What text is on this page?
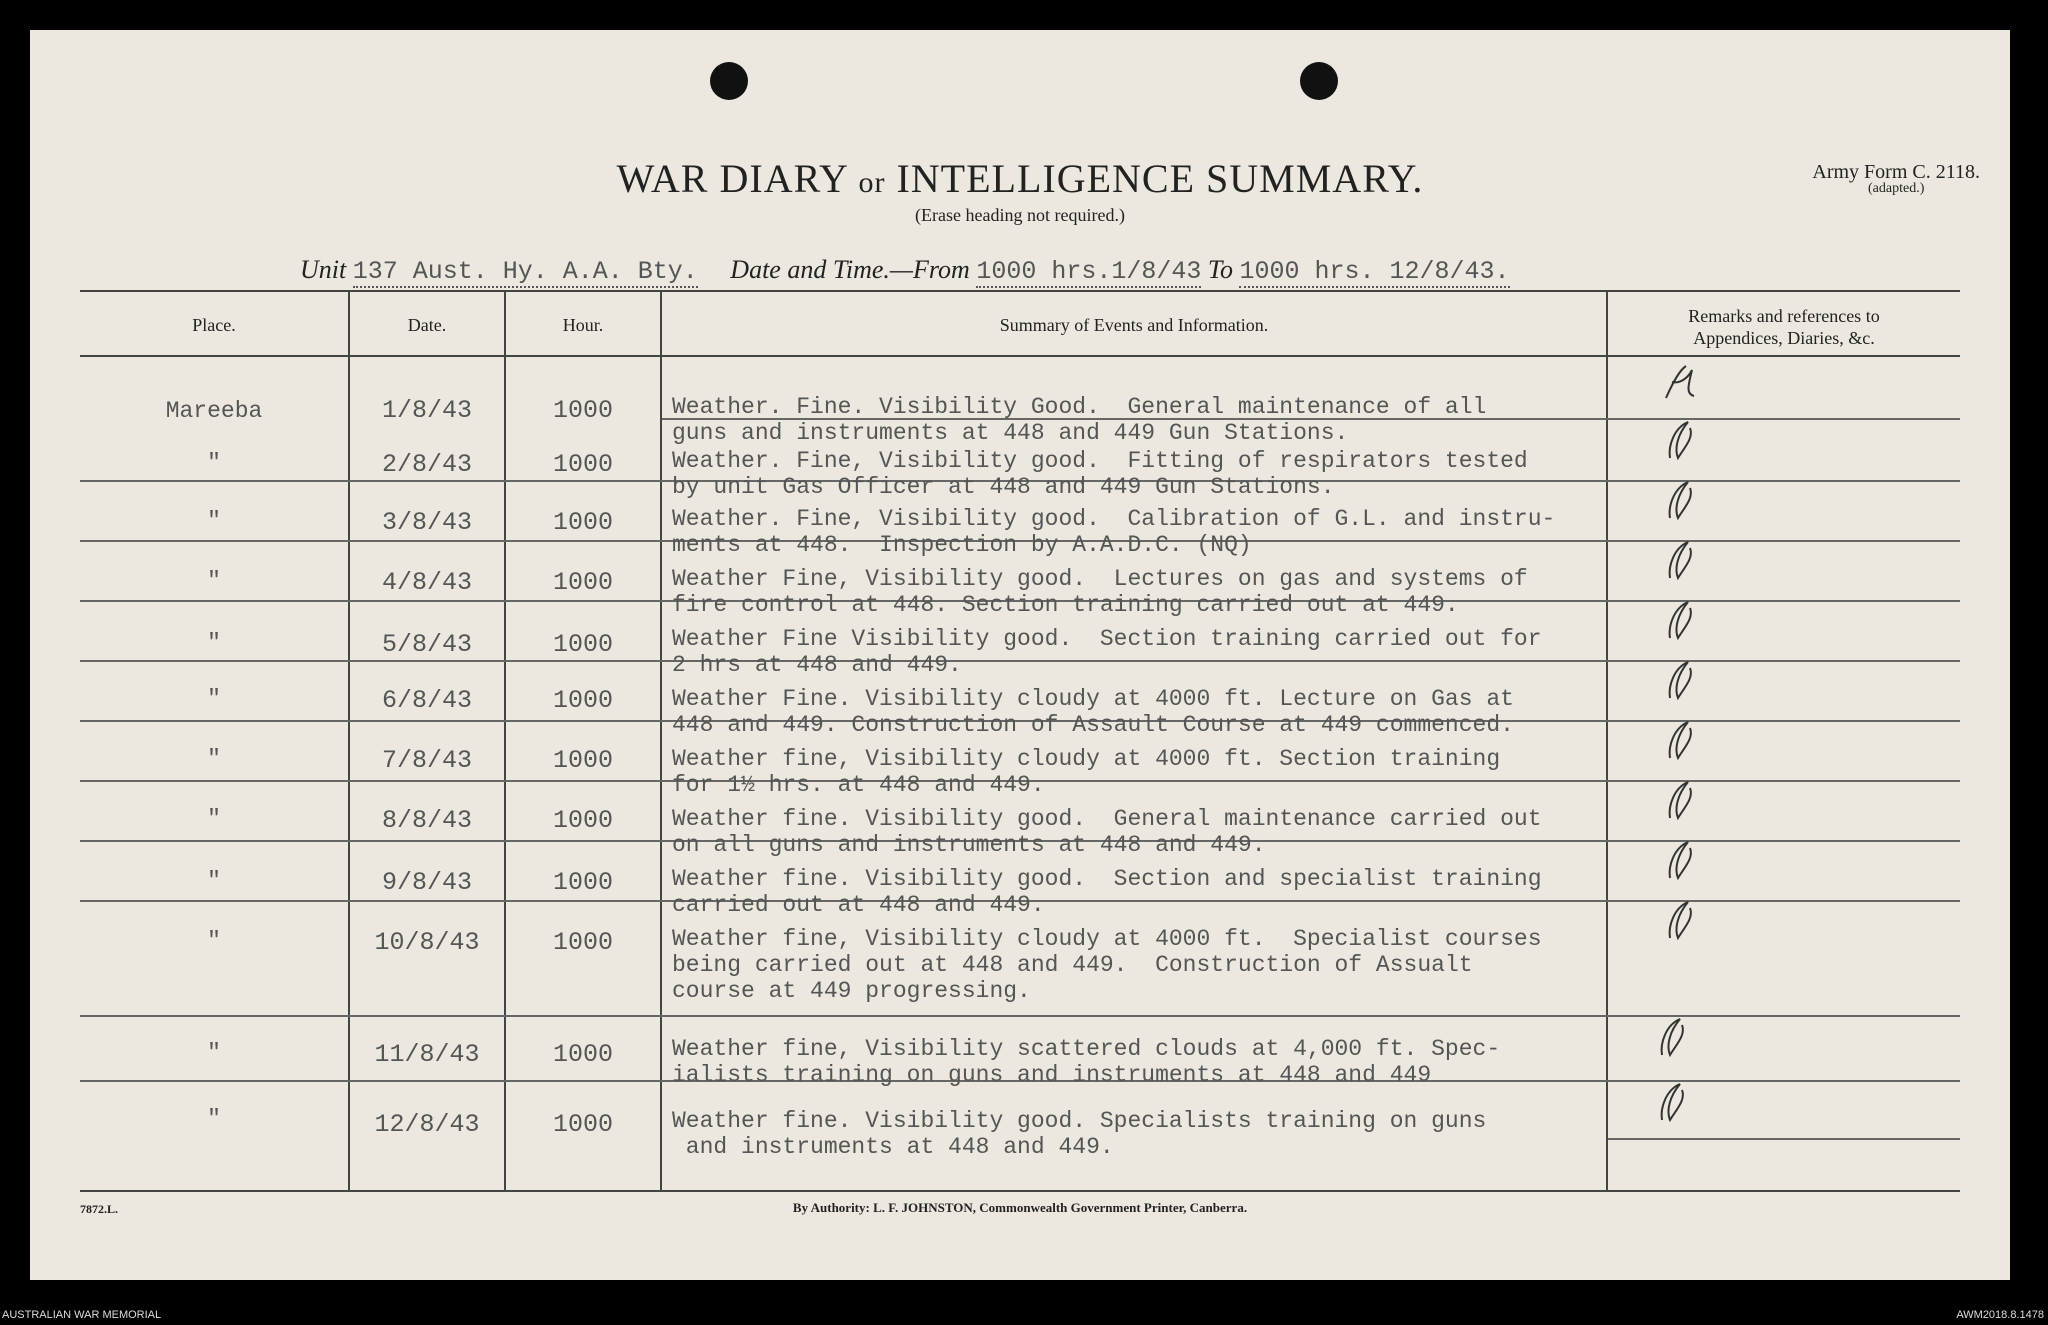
WAR DIARY or INTELLIGENCE SUMMARY.
(Erase heading not required.)
Army Form C. 2118.
(adapted.)
Unit 137 Aust. Hy. A.A. Bty. Date and Time.—From 1000 hrs.1/8/43 To 1000 hrs. 12/8/43.
Place.	Date.	Hour.	Summary of Events and Information.	Remarks and references to
Appendices, Diaries, &c.
Mareeba	1/8/43	1000	Weather. Fine. Visibility Good.  General maintenance of all
guns and instruments at 448 and 449 Gun Stations.
"	2/8/43	1000	Weather. Fine, Visibility good.  Fitting of respirators tested
by unit Gas Officer at 448 and 449 Gun Stations.
"	3/8/43	1000	Weather. Fine, Visibility good.  Calibration of G.L. and instru-
ments at 448.  Inspection by A.A.D.C. (NQ)
"	4/8/43	1000	Weather Fine, Visibility good.  Lectures on gas and systems of
fire control at 448. Section training carried out at 449.
"	5/8/43	1000	Weather Fine Visibility good.  Section training carried out for
2 hrs at 448 and 449.
"	6/8/43	1000	Weather Fine. Visibility cloudy at 4000 ft. Lecture on Gas at
448 and 449. Construction of Assault Course at 449 commenced.
"	7/8/43	1000	Weather fine, Visibility cloudy at 4000 ft. Section training
for 1½ hrs. at 448 and 449.
"	8/8/43	1000	Weather fine. Visibility good.  General maintenance carried out
on all guns and instruments at 448 and 449.
"	9/8/43	1000	Weather fine. Visibility good.  Section and specialist training
carried out at 448 and 449.
"	10/8/43	1000	Weather fine, Visibility cloudy at 4000 ft.  Specialist courses
being carried out at 448 and 449.  Construction of Assualt
course at 449 progressing.
"	11/8/43	1000	Weather fine, Visibility scattered clouds at 4,000 ft. Spec-
ialists training on guns and instruments at 448 and 449
"	12/8/43	1000	Weather fine. Visibility good. Specialists training on guns
and instruments at 448 and 449.
7872.L.	By Authority: L. F. JOHNSTON, Commonwealth Government Printer, Canberra.
AUSTRALIAN WAR MEMORIAL	AWM2018.8.1478
